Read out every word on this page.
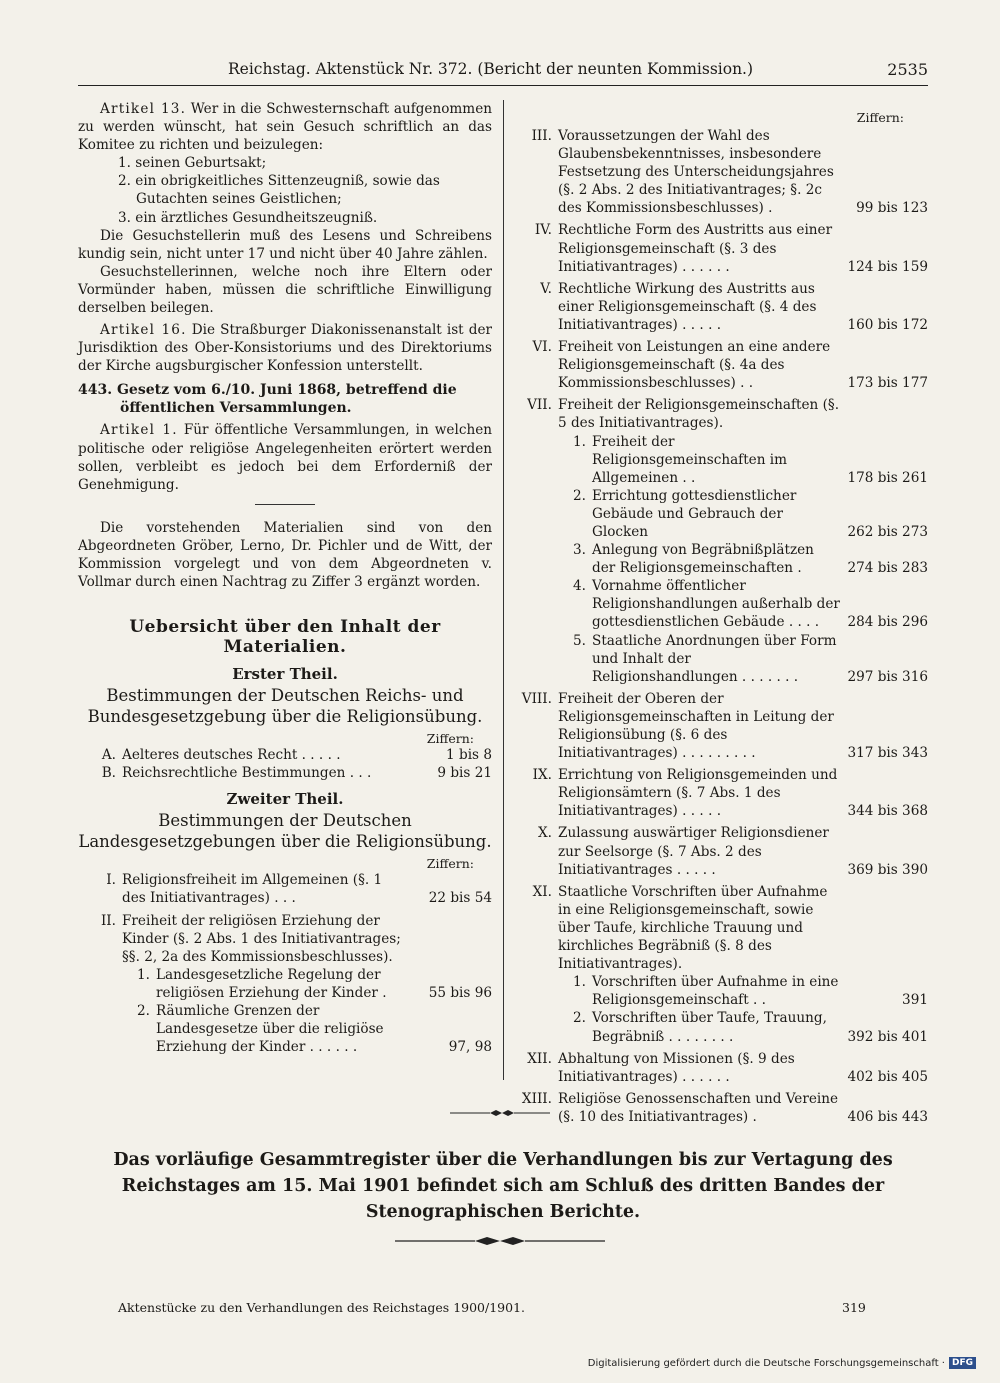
Reichstag. Aktenstück Nr. 372. (Bericht der neunten Kommission.)	2535

Artikel 13. Wer in die Schwesternschaft aufgenommen zu werden wünscht, hat sein Gesuch schriftlich an das Komitee zu richten und beizulegen:

1. seinen Geburtsakt;

2. ein obrigkeitliches Sittenzeugniß, sowie das Gutachten seines Geistlichen;

3. ein ärztliches Gesundheitszeugniß.

Die Gesuchstellerin muß des Lesens und Schreibens kundig sein, nicht unter 17 und nicht über 40 Jahre zählen.

Gesuchstellerinnen, welche noch ihre Eltern oder Vormünder haben, müssen die schriftliche Einwilligung derselben beilegen.

Artikel 16. Die Straßburger Diakonissenanstalt ist der Jurisdiktion des Ober-Konsistoriums und des Direktoriums der Kirche augsburgischer Konfession unterstellt.

443. Gesetz vom 6./10. Juni 1868, betreffend die öffentlichen Versammlungen.

Artikel 1. Für öffentliche Versammlungen, in welchen politische oder religiöse Angelegenheiten erörtert werden sollen, verbleibt es jedoch bei dem Erforderniß der Genehmigung.

Die vorstehenden Materialien sind von den Abgeordneten Gröber, Lerno, Dr. Pichler und de Witt, der Kommission vorgelegt und von dem Abgeordneten v. Vollmar durch einen Nachtrag zu Ziffer 3 ergänzt worden.

Uebersicht über den Inhalt der Materialien.
Erster Theil.
Bestimmungen der Deutschen Reichs- und Bundesgesetzgebung über die Religionsübung.
Ziffern:
A. Aelteres deutsches Recht . . . . .	1 bis 8
B. Reichsrechtliche Bestimmungen . . .	9 bis 21
Zweiter Theil.
Bestimmungen der Deutschen Landesgesetzgebungen über die Religionsübung.
Ziffern:
I. Religionsfreiheit im Allgemeinen (§. 1 des Initiativantrages) . . .	22 bis 54
II. Freiheit der religiösen Erziehung der Kinder (§. 2 Abs. 1 des Initiativantrages; §§. 2, 2a des Kommissionsbeschlusses).
1. Landesgesetzliche Regelung der religiösen Erziehung der Kinder .	55 bis 96
2. Räumliche Grenzen der Landesgesetze über die religiöse Erziehung der Kinder . . . . . .	97, 98
Ziffern:
III. Voraussetzungen der Wahl des Glaubensbekenntnisses, insbesondere Festsetzung des Unterscheidungsjahres (§. 2 Abs. 2 des Initiativantrages; §. 2c des Kommissionsbeschlusses) .	99 bis 123
IV. Rechtliche Form des Austritts aus einer Religionsgemeinschaft (§. 3 des Initiativantrages) . . . . . .	124 bis 159
V. Rechtliche Wirkung des Austritts aus einer Religionsgemeinschaft (§. 4 des Initiativantrages) . . . . .	160 bis 172
VI. Freiheit von Leistungen an eine andere Religionsgemeinschaft (§. 4a des Kommissionsbeschlusses) . .	173 bis 177
VII. Freiheit der Religionsgemeinschaften (§. 5 des Initiativantrages).
1. Freiheit der Religionsgemeinschaften im Allgemeinen . .	178 bis 261
2. Errichtung gottesdienstlicher Gebäude und Gebrauch der Glocken	262 bis 273
3. Anlegung von Begräbnißplätzen der Religionsgemeinschaften .	274 bis 283
4. Vornahme öffentlicher Religionshandlungen außerhalb der gottesdienstlichen Gebäude . . . .	284 bis 296
5. Staatliche Anordnungen über Form und Inhalt der Religionshandlungen . . . . . . .	297 bis 316
VIII. Freiheit der Oberen der Religionsgemeinschaften in Leitung der Religionsübung (§. 6 des Initiativantrages) . . . . . . . . .	317 bis 343
IX. Errichtung von Religionsgemeinden und Religionsämtern (§. 7 Abs. 1 des Initiativantrages) . . . . .	344 bis 368
X. Zulassung auswärtiger Religionsdiener zur Seelsorge (§. 7 Abs. 2 des Initiativantrages . . . . .	369 bis 390
XI. Staatliche Vorschriften über Aufnahme in eine Religionsgemeinschaft, sowie über Taufe, kirchliche Trauung und kirchliches Begräbniß (§. 8 des Initiativantrages).
1. Vorschriften über Aufnahme in eine Religionsgemeinschaft . .	391
2. Vorschriften über Taufe, Trauung, Begräbniß . . . . . . . .	392 bis 401
XII. Abhaltung von Missionen (§. 9 des Initiativantrages) . . . . . .	402 bis 405
XIII. Religiöse Genossenschaften und Vereine (§. 10 des Initiativantrages) .	406 bis 443
Das vorläufige Gesammtregister über die Verhandlungen bis zur Vertagung des Reichstages am 15. Mai 1901 befindet sich am Schluß des dritten Bandes der Stenographischen Berichte.
Aktenstücke zu den Verhandlungen des Reichstages 1900/1901.	319
Digitalisierung gefördert durch die Deutsche Forschungsgemeinschaft · DFG
